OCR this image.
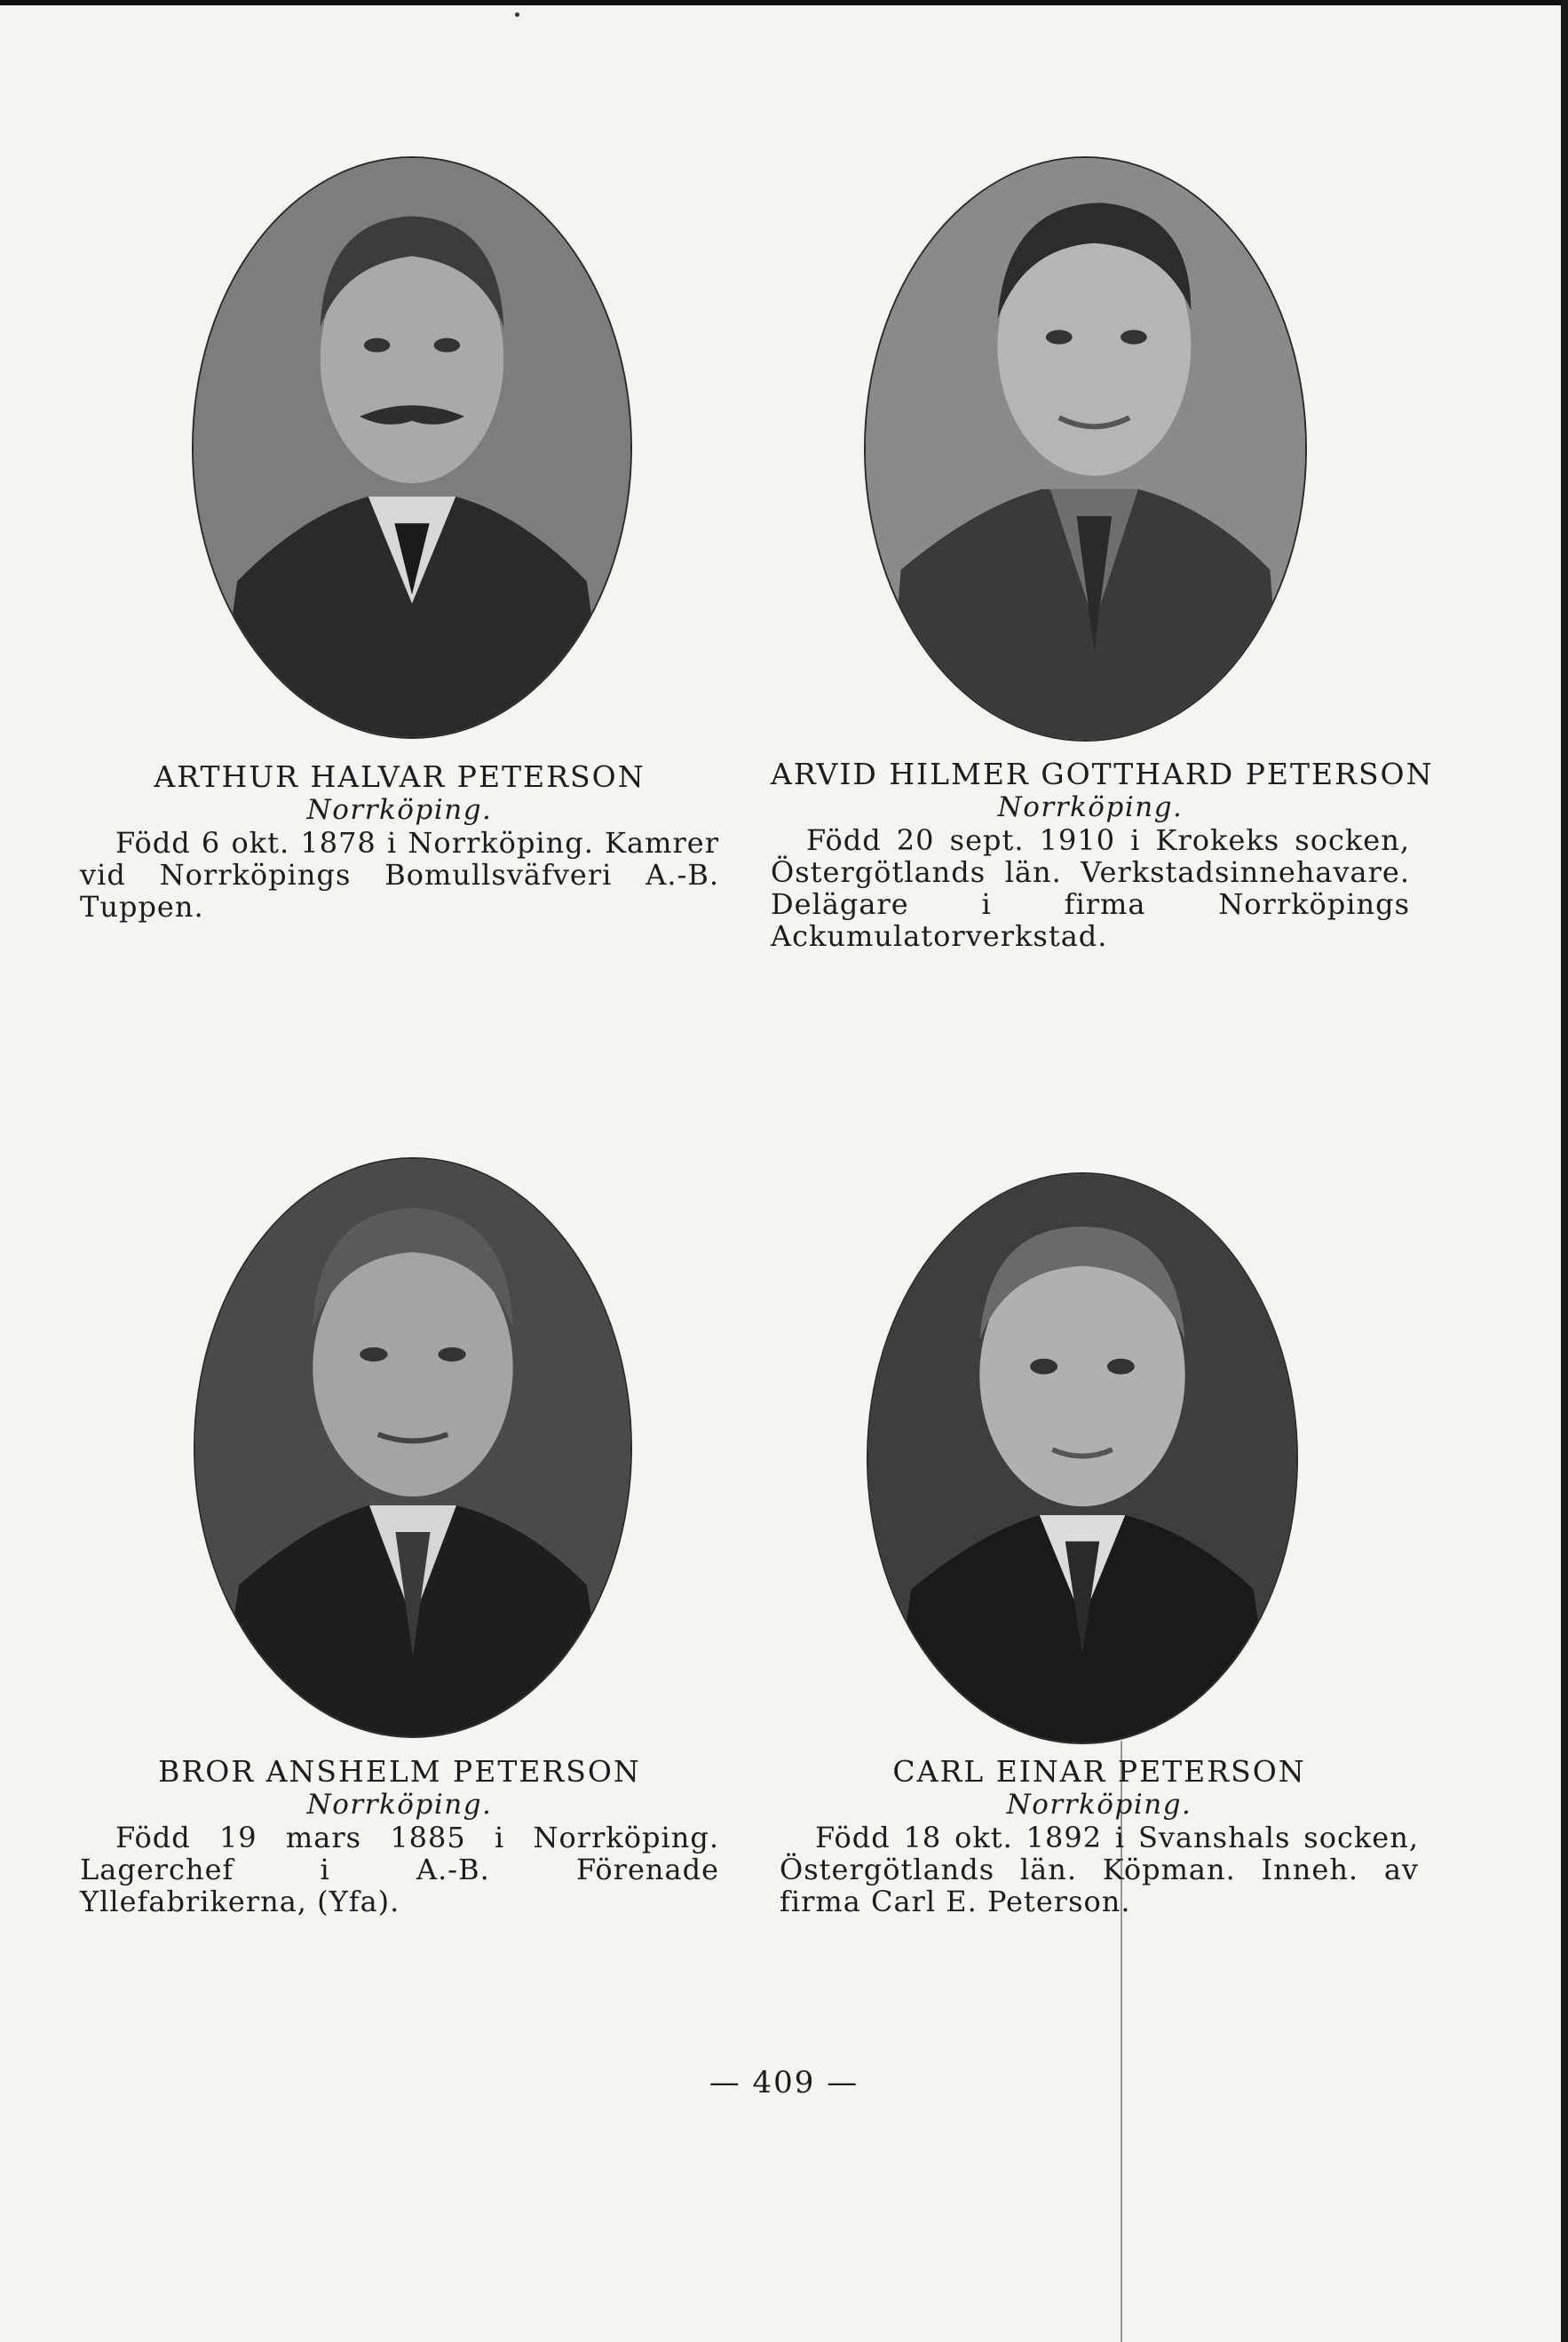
ARTHUR HALVAR PETERSON
Norrköping.
Född 6 okt. 1878 i Norrköping. Kamrer vid Norrköpings Bomullsväfveri A.-B. Tuppen.
ARVID HILMER GOTTHARD PETERSON
Norrköping.
Född 20 sept. 1910 i Krokeks socken, Östergötlands län. Verkstadsinnehavare. Delägare i firma Norrköpings Ackumulatorverkstad.
BROR ANSHELM PETERSON
Norrköping.
Född 19 mars 1885 i Norrköping. Lagerchef i A.-B. Förenade Yllefabrikerna, (Yfa).
CARL EINAR PETERSON
Norrköping.
Född 18 okt. 1892 i Svanshals socken, Östergötlands län. Köpman. Inneh. av firma Carl E. Peterson.
— 409 —
